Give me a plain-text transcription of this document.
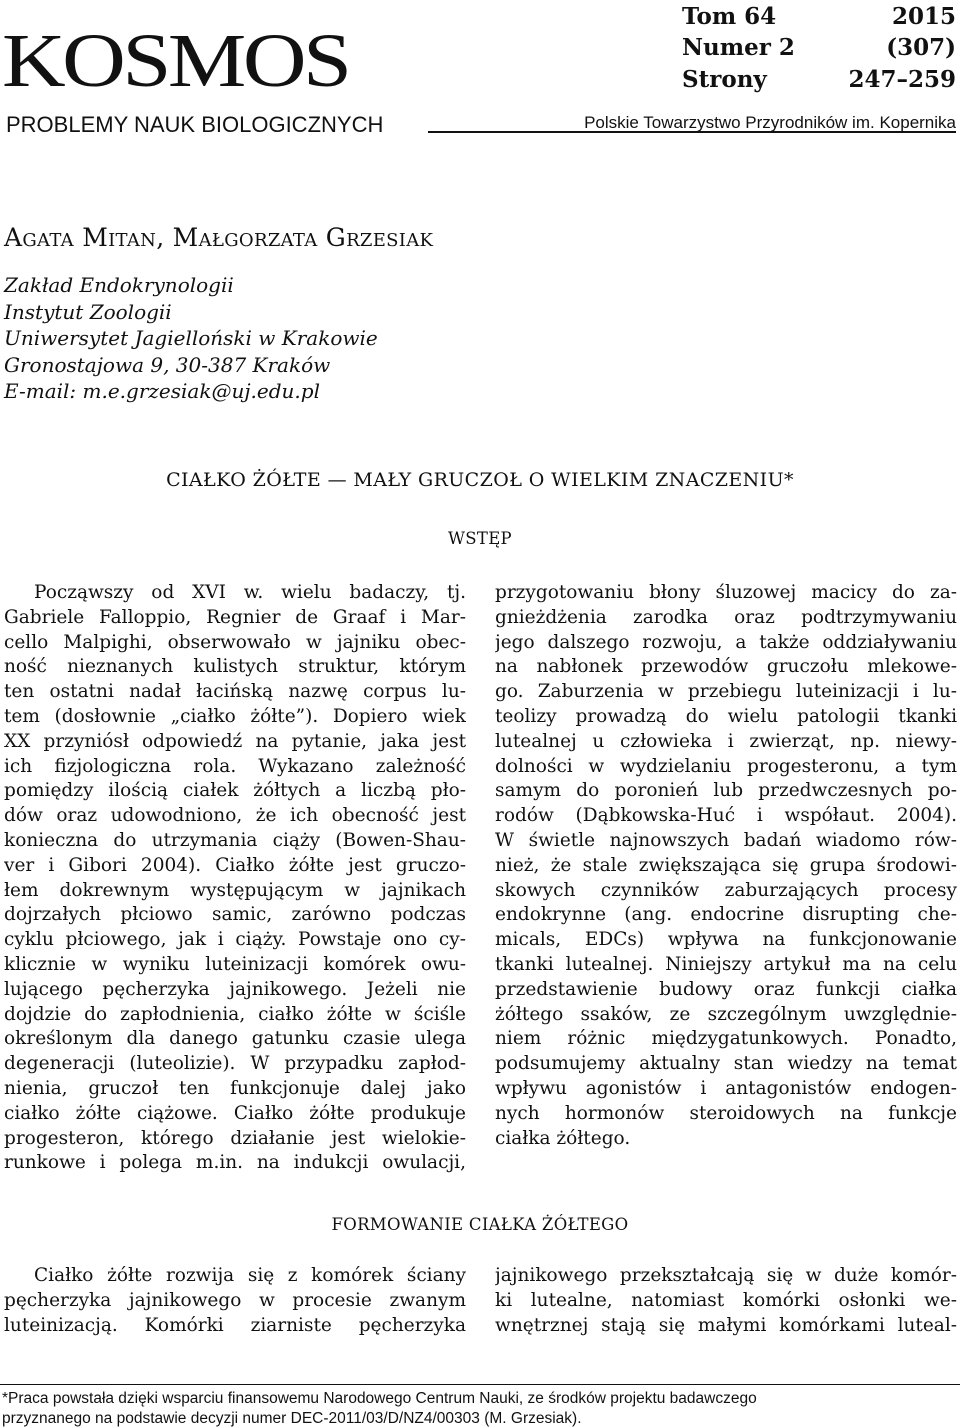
KOSMOS
PROBLEMY NAUK BIOLOGICZNYCH
Tom 64	2015
Numer 2	(307)
Strony	247–259
Polskie Towarzystwo Przyrodników im. Kopernika
Agata Mitan, Małgorzata Grzesiak
Zakład Endokrynologii
Instytut Zoologii
Uniwersytet Jagielloński w Krakowie
Gronostajowa 9, 30-387 Kraków
E-mail: m.e.grzesiak@uj.edu.pl
CIAŁKO ŻÓŁTE — MAŁY GRUCZOŁ O WIELKIM ZNACZENIU*
WSTĘP
Począwszy od XVI w. wielu badaczy, tj.
Gabriele Falloppio, Regnier de Graaf i Mar-
cello Malpighi, obserwowało w jajniku obec-
ność nieznanych kulistych struktur, którym
ten ostatni nadał łacińską nazwę corpus lu-
tem (dosłownie „ciałko żółte”). Dopiero wiek
XX przyniósł odpowiedź na pytanie, jaka jest
ich fizjologiczna rola. Wykazano zależność
pomiędzy ilością ciałek żółtych a liczbą pło-
dów oraz udowodniono, że ich obecność jest
konieczna do utrzymania ciąży (Bowen-Shau-
ver i Gibori 2004). Ciałko żółte jest gruczo-
łem dokrewnym występującym w jajnikach
dojrzałych płciowo samic, zarówno podczas
cyklu płciowego, jak i ciąży. Powstaje ono cy-
klicznie w wyniku luteinizacji komórek owu-
lującego pęcherzyka jajnikowego. Jeżeli nie
dojdzie do zapłodnienia, ciałko żółte w ściśle
określonym dla danego gatunku czasie ulega
degeneracji (luteolizie). W przypadku zapłod-
nienia, gruczoł ten funkcjonuje dalej jako
ciałko żółte ciążowe. Ciałko żółte produkuje
progesteron, którego działanie jest wielokie-
runkowe i polega m.in. na indukcji owulacji,
przygotowaniu błony śluzowej macicy do za-
gnieżdżenia zarodka oraz podtrzymywaniu
jego dalszego rozwoju, a także oddziaływaniu
na nabłonek przewodów gruczołu mlekowe-
go. Zaburzenia w przebiegu luteinizacji i lu-
teolizy prowadzą do wielu patologii tkanki
lutealnej u człowieka i zwierząt, np. niewy-
dolności w wydzielaniu progesteronu, a tym
samym do poronień lub przedwczesnych po-
rodów (Dąbkowska-Huć i współaut. 2004).
W świetle najnowszych badań wiadomo rów-
nież, że stale zwiększająca się grupa środowi-
skowych czynników zaburzających procesy
endokrynne (ang. endocrine disrupting che-
micals, EDCs) wpływa na funkcjonowanie
tkanki lutealnej. Niniejszy artykuł ma na celu
przedstawienie budowy oraz funkcji ciałka
żółtego ssaków, ze szczególnym uwzględnie-
niem różnic międzygatunkowych. Ponadto,
podsumujemy aktualny stan wiedzy na temat
wpływu agonistów i antagonistów endogen-
nych hormonów steroidowych na funkcje
ciałka żółtego.
FORMOWANIE CIAŁKA ŻÓŁTEGO
Ciałko żółte rozwija się z komórek ściany
pęcherzyka jajnikowego w procesie zwanym
luteinizacją. Komórki ziarniste pęcherzyka
jajnikowego przekształcają się w duże komór-
ki lutealne, natomiast komórki osłonki we-
wnętrznej stają się małymi komórkami luteal-
*Praca powstała dzięki wsparciu finansowemu Narodowego Centrum Nauki, ze środków projektu badawczego
przyznanego na podstawie decyzji numer DEC-2011/03/D/NZ4/00303 (M. Grzesiak).
